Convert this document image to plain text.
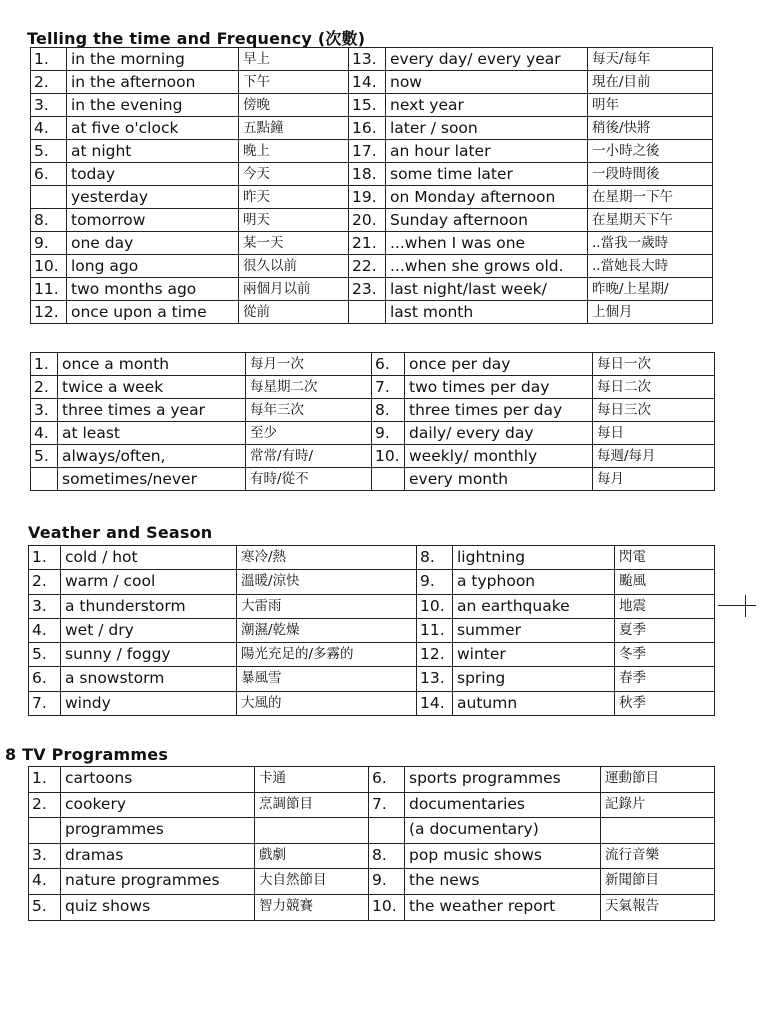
Telling the time and Frequency (次數)
1.	in the morning	早上	13.	every day/ every year	每天/每年
2.	in the afternoon	下午	14.	now	現在/目前
3.	in the evening	傍晚	15.	next year	明年
4.	at five o'clock	五點鐘	16.	later / soon	稍後/快將
5.	at night	晚上	17.	an hour later	一小時之後
6.	today	今天	18.	some time later	一段時間後
	yesterday	昨天	19.	on Monday afternoon	在星期一下午
8.	tomorrow	明天	20.	Sunday afternoon	在星期天下午
9.	one day	某一天	21.	...when I was one	..當我一歲時
10.	long ago	很久以前	22.	...when she grows old.	..當她長大時
11.	two months ago	兩個月以前	23.	last night/last week/	昨晚/上星期/
12.	once upon a time	從前		last month	上個月
1.	once a month	每月一次	6.	once per day	每日一次
2.	twice a week	每星期二次	7.	two times per day	每日二次
3.	three times a year	每年三次	8.	three times per day	每日三次
4.	at least	至少	9.	daily/ every day	每日
5.	always/often,	常常/有時/	10.	weekly/ monthly	每週/每月
	sometimes/never	有時/從不		every month	每月
Veather and Season
1.	cold / hot	寒冷/熱	8.	lightning	閃電
2.	warm / cool	溫暖/涼快	9.	a typhoon	颱風
3.	a thunderstorm	大雷雨	10.	an earthquake	地震
4.	wet / dry	潮濕/乾燥	11.	summer	夏季
5.	sunny / foggy	陽光充足的/多霧的	12.	winter	冬季
6.	a snowstorm	暴風雪	13.	spring	春季
7.	windy	大風的	14.	autumn	秋季
8 TV Programmes
1.	cartoons	卡通	6.	sports programmes	運動節目
2.	cookery	烹調節目	7.	documentaries	記錄片
	programmes			(a documentary)	
3.	dramas	戲劇	8.	pop music shows	流行音樂
4.	nature programmes	大自然節目	9.	the news	新聞節目
5.	quiz shows	智力競賽	10.	the weather report	天氣報告
